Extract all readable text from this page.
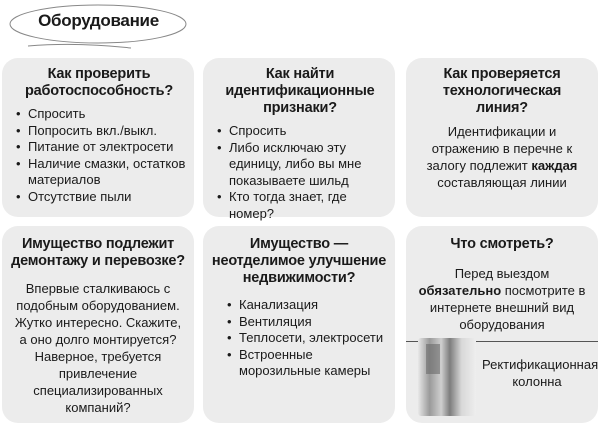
Оборудование
Как проверить работоспособность?
• Спросить
• Попросить вкл./выкл.
• Питание от электросети
• Наличие смазки, остатков материалов
• Отсутствие пыли
Как найти идентификационные признаки?
• Спросить
• Либо исключаю эту единицу, либо вы мне показываете шильд
• Кто тогда знает, где номер?
Как проверяется технологическая линия?

Идентификации и отражению в перечне к залогу подлежит каждая составляющая линии

Имущество подлежит демонтажу и перевозке?

Впервые сталкиваюсь с подобным оборудованием. Жутко интересно. Скажите, а оно долго монтируется? Наверное, требуется привлечение специализированных компаний?

Имущество — неотделимое улучшение недвижимости?
• Канализация
• Вентиляция
• Теплосети, электросети
• Встроенные морозильные камеры
Что смотреть?

Перед выездом обязательно посмотрите в интернете внешний вид оборудования

Ректификационная колонна
